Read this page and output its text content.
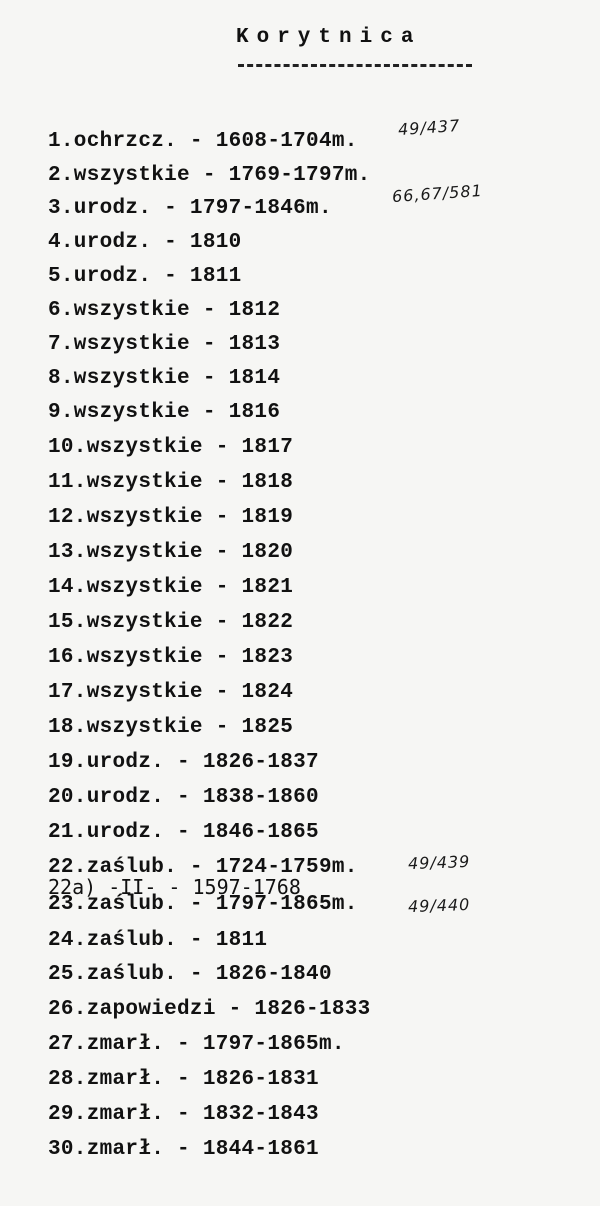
Korytnica
1.ochrzcz. - 1608-1704m.
2.wszystkie - 1769-1797m.
3.urodz. - 1797-1846m.
4.urodz. - 1810
5.urodz. - 1811
6.wszystkie - 1812
7.wszystkie - 1813
8.wszystkie - 1814
9.wszystkie - 1816
10.wszystkie - 1817
11.wszystkie - 1818
12.wszystkie - 1819
13.wszystkie - 1820
14.wszystkie - 1821
15.wszystkie - 1822
16.wszystkie - 1823
17.wszystkie - 1824
18.wszystkie - 1825
19.urodz. - 1826-1837
20.urodz. - 1838-1860
21.urodz. - 1846-1865
22.zaślub. - 1724-1759m.
22a) -II- - 1597-1768
23.zaślub. - 1797-1865m.
24.zaślub. - 1811
25.zaślub. - 1826-1840
26.zapowiedzi - 1826-1833
27.zmarł. - 1797-1865m.
28.zmarł. - 1826-1831
29.zmarł. - 1832-1843
30.zmarł. - 1844-1861
49/437
66,67/581
49/439
49/440
